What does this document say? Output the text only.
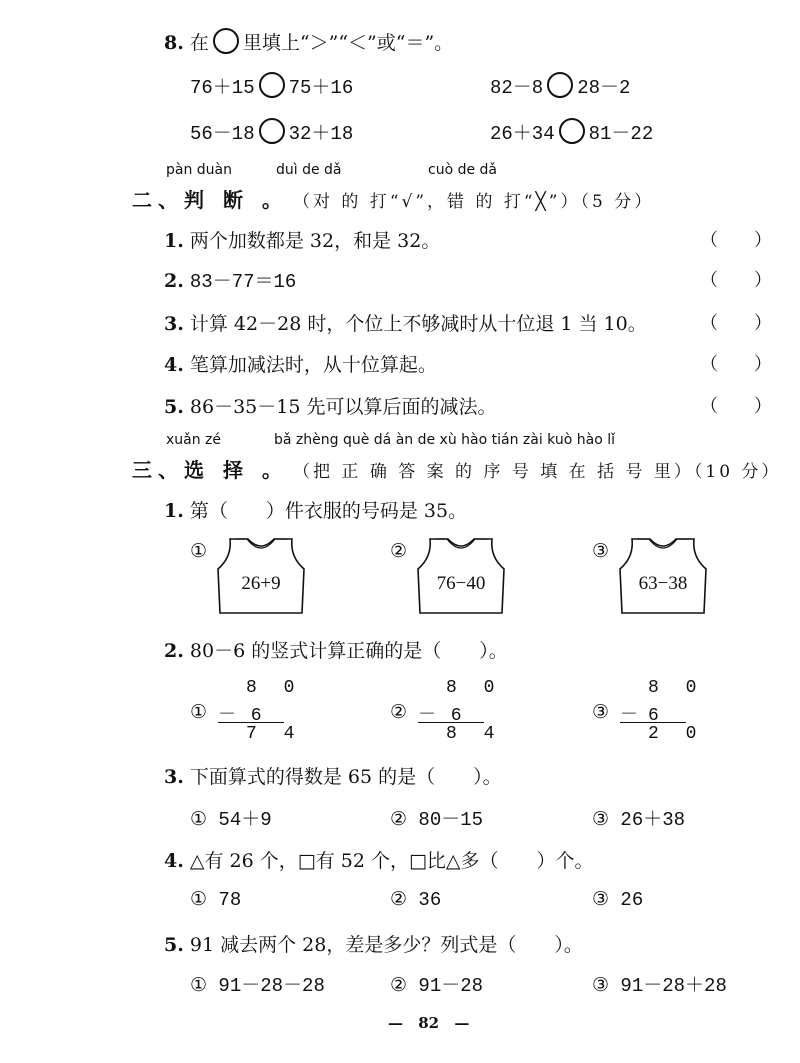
8. 在 里填上“＞”“＜”或“＝”。
76＋15 75＋16	82－8 28－2
56－18 32＋18	26＋34 81－22
pàn duàn	duì de dǎ	cuò de dǎ
二、判 断 。 （对 的 打“√”，错 的 打“╳”）（5 分）
1. 两个加数都是 32，和是 32。	（　　）
2. 83－77＝16	（　　）
3. 计算 42－28 时，个位上不够减时从十位退 1 当 10。	（　　）
4. 笔算加减法时，从十位算起。	（　　）
5. 86－35－15 先可以算后面的减法。	（　　）
xuǎn zé	bǎ zhèng què dá àn de xù hào tián zài kuò hào lǐ
三、选 择 。 （把 正 确 答 案 的 序 号 填 在 括 号 里）（10 分）
1. 第（　　）件衣服的号码是 35。
①
26+9
②
76−40
③
63−38
2. 80－6 的竖式计算正确的是（　　）。
①
8 0
－ 6
7 4
②
8 0
－ 6
8 4
③
8 0
－6
2 0
3. 下面算式的得数是 65 的是（　　）。
① 54＋9	② 80－15	③ 26＋38
4. △有 26 个，□有 52 个，□比△多（　　）个。
① 78	② 36	③ 26
5. 91 减去两个 28，差是多少？列式是（　　）。
① 91－28－28	② 91－28	③ 91－28＋28
— 82 —
